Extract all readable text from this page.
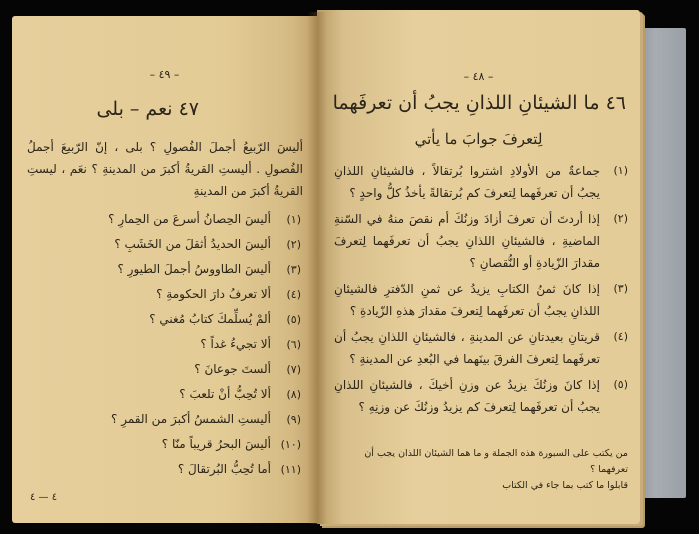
– ٤٩ –
٤٧ نعم – بلى
أليسَ الرّبيعُ أجملَ الفُصولِ ؟ بلى ، إنّ الرّبيعَ أجملُ الفُصولِ . أليستِ القريةُ أكبرَ من المدينةِ ؟ نعَم ، ليستِ القريةُ أكبرَ من المدينةِ
(١)
أليسَ الحِصانُ أسرعَ من الحِمارِ ؟
(٢)
أليسَ الحديدُ أثقلَ من الخَشَبِ ؟
(٣)
أليسَ الطاووسُ أجملَ الطيورِ ؟
(٤)
ألا تعرفُ دارَ الحكومةِ ؟
(٥)
ألمْ يُسلِّمكَ كتابُ مُغني ؟
(٦)
ألا تجيءُ غداً ؟
(٧)
ألستَ جوعانَ ؟
(٨)
ألا تُحِبُّ أنْ تلعبَ ؟
(٩)
أليستِ الشمسُ أكبرَ من القمرِ ؟
(١٠)
أليسَ البحرُ قريباً منّا ؟
(١١)
أما تُحِبُّ البُرتقالَ ؟
٤ — ٤
– ٤٨ –
٤٦ ما الشيئانِ اللذانِ يجبُ أن تعرفَهما
لِتعرفَ جوابَ ما يأتي
(١)
جماعةٌ من الأولادِ اشتروا بُرتقالاً ، فالشيئانِ اللذانِ يجبُ أن تعرفَهما لِتعرفَ كم بُرتقالةً يأخذُ كلُّ واحدٍ ؟
(٢)
إذا أردتَ أن تعرفَ أزادَ وزنُكَ أم نقصَ منهُ في السّنةِ الماضيةِ ، فالشيئانِ اللذانِ يجبُ أن تعرفَهما لِتعرفَ مقدارَ الزّيادةِ أو النُّقصانِ ؟
(٣)
إذا كانَ ثمنُ الكتابِ يزيدُ عن ثمنِ الدّفترِ فالشيئانِ اللذانِ يجبُ أن تعرفَهما لِتعرفَ مقدارَ هذهِ الزّيادةِ ؟
(٤)
قريتانِ بعيدتانِ عن المدينةِ ، فالشيئانِ اللذانِ يجبُ أن تعرفَهما لِتعرفَ الفرقَ بينَهما في البُعدِ عن المدينةِ ؟
(٥)
إذا كانَ وزنُكَ يزيدُ عن وزنِ أخيكَ ، فالشيئانِ اللذانِ يجبُ أن تعرفَهما لِتعرفَ كم يزيدُ وزنُكَ عن وزنِهِ ؟
من يكتب على السبورة هذه الجملة و ما هما الشيئان اللذان يجب أن تعرفهما ؟
قابلوا ما كتب بما جاء في الكتاب
